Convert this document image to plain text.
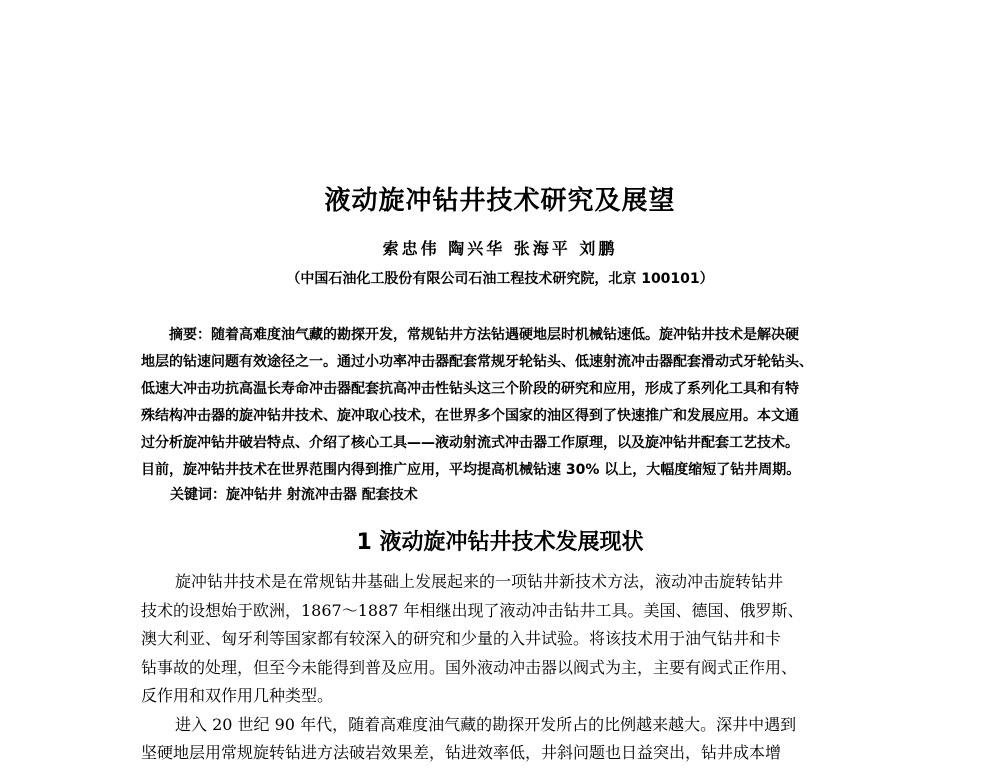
液动旋冲钻井技术研究及展望
索忠伟 陶兴华 张海平 刘鹏
（中国石油化工股份有限公司石油工程技术研究院，北京 100101）
摘要：随着高难度油气藏的勘探开发，常规钻井方法钻遇硬地层时机械钻速低。旋冲钻井技术是解决硬
地层的钻速问题有效途径之一。通过小功率冲击器配套常规牙轮钻头、低速射流冲击器配套滑动式牙轮钻头、
低速大冲击功抗高温长寿命冲击器配套抗高冲击性钻头这三个阶段的研究和应用，形成了系列化工具和有特
殊结构冲击器的旋冲钻井技术、旋冲取心技术，在世界多个国家的油区得到了快速推广和发展应用。本文通
过分析旋冲钻井破岩特点、介绍了核心工具——液动射流式冲击器工作原理，以及旋冲钻井配套工艺技术。
目前，旋冲钻井技术在世界范围内得到推广应用，平均提高机械钻速 30% 以上，大幅度缩短了钻井周期。
关键词：旋冲钻井 射流冲击器 配套技术
1 液动旋冲钻井技术发展现状
旋冲钻井技术是在常规钻井基础上发展起来的一项钻井新技术方法，液动冲击旋转钻井
技术的设想始于欧洲，1867～1887 年相继出现了液动冲击钻井工具。美国、德国、俄罗斯、
澳大利亚、匈牙利等国家都有较深入的研究和少量的入井试验。将该技术用于油气钻井和卡
钻事故的处理，但至今未能得到普及应用。国外液动冲击器以阀式为主，主要有阀式正作用、
反作用和双作用几种类型。
进入 20 世纪 90 年代，随着高难度油气藏的勘探开发所占的比例越来越大。深井中遇到
坚硬地层用常规旋转钻进方法破岩效果差，钻进效率低，井斜问题也日益突出，钻井成本增
